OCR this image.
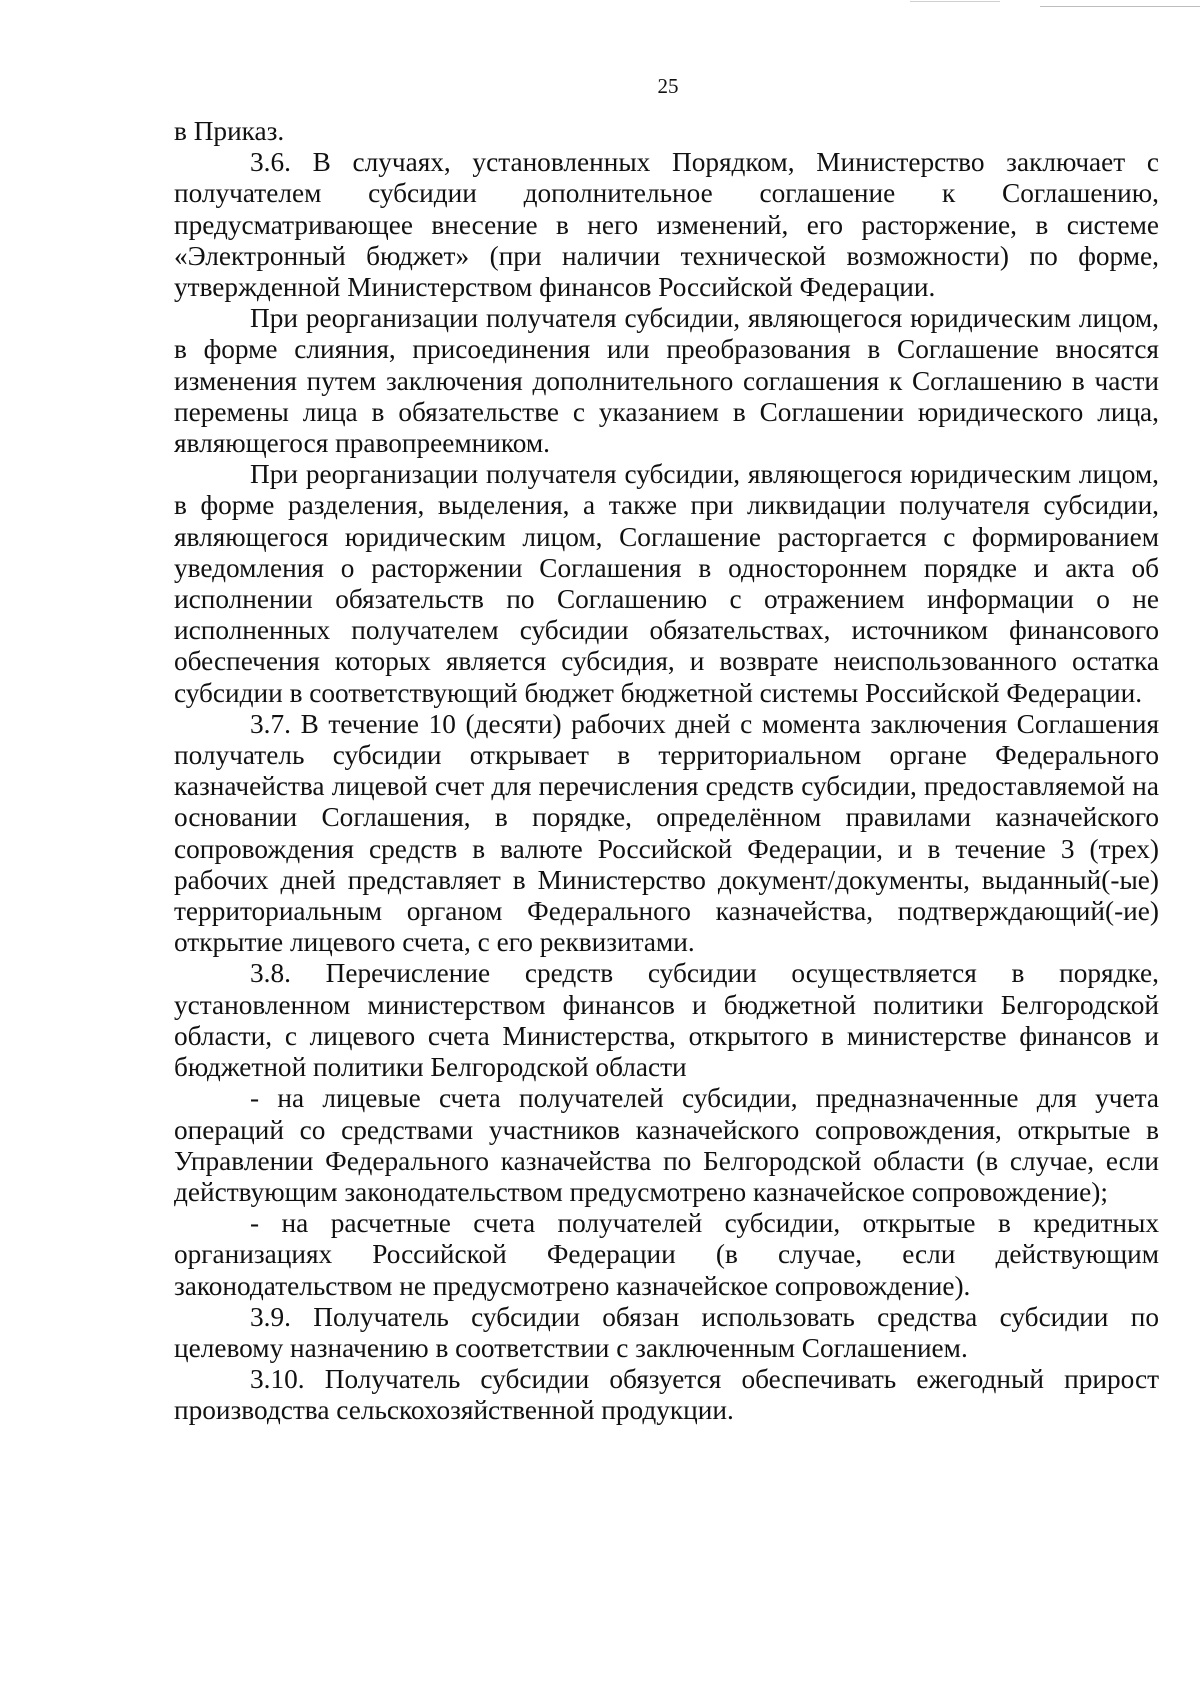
25

в Приказ.

3.6. В случаях, установленных Порядком, Министерство заключает с получателем субсидии дополнительное соглашение к Соглашению, предусматривающее внесение в него изменений, его расторжение, в системе «Электронный бюджет» (при наличии технической возможности) по форме, утвержденной Министерством финансов Российской Федерации.

При реорганизации получателя субсидии, являющегося юридическим лицом, в форме слияния, присоединения или преобразования в Соглашение вносятся изменения путем заключения дополнительного соглашения к Соглашению в части перемены лица в обязательстве с указанием в Соглашении юридического лица, являющегося правопреемником.

При реорганизации получателя субсидии, являющегося юридическим лицом, в форме разделения, выделения, а также при ликвидации получателя субсидии, являющегося юридическим лицом, Соглашение расторгается с формированием уведомления о расторжении Соглашения в одностороннем порядке и акта об исполнении обязательств по Соглашению с отражением информации о не исполненных получателем субсидии обязательствах, источником финансового обеспечения которых является субсидия, и возврате неиспользованного остатка субсидии в соответствующий бюджет бюджетной системы Российской Федерации.

3.7. В течение 10 (десяти) рабочих дней с момента заключения Соглашения получатель субсидии открывает в территориальном органе Федерального казначейства лицевой счет для перечисления средств субсидии, предоставляемой на основании Соглашения, в порядке, определённом правилами казначейского сопровождения средств в валюте Российской Федерации, и в течение 3 (трех) рабочих дней представляет в Министерство документ/документы, выданный(-ые) территориальным органом Федерального казначейства, подтверждающий(-ие) открытие лицевого счета, с его реквизитами.

3.8. Перечисление средств субсидии осуществляется в порядке, установленном министерством финансов и бюджетной политики Белгородской области, с лицевого счета Министерства, открытого в министерстве финансов и бюджетной политики Белгородской области

- на лицевые счета получателей субсидии, предназначенные для учета операций со средствами участников казначейского сопровождения, открытые в Управлении Федерального казначейства по Белгородской области (в случае, если действующим законодательством предусмотрено казначейское сопровождение);

- на расчетные счета получателей субсидии, открытые в кредитных организациях Российской Федерации (в случае, если действующим законодательством не предусмотрено казначейское сопровождение).

3.9. Получатель субсидии обязан использовать средства субсидии по целевому назначению в соответствии с заключенным Соглашением.

3.10. Получатель субсидии обязуется обеспечивать ежегодный прирост производства сельскохозяйственной продукции.
